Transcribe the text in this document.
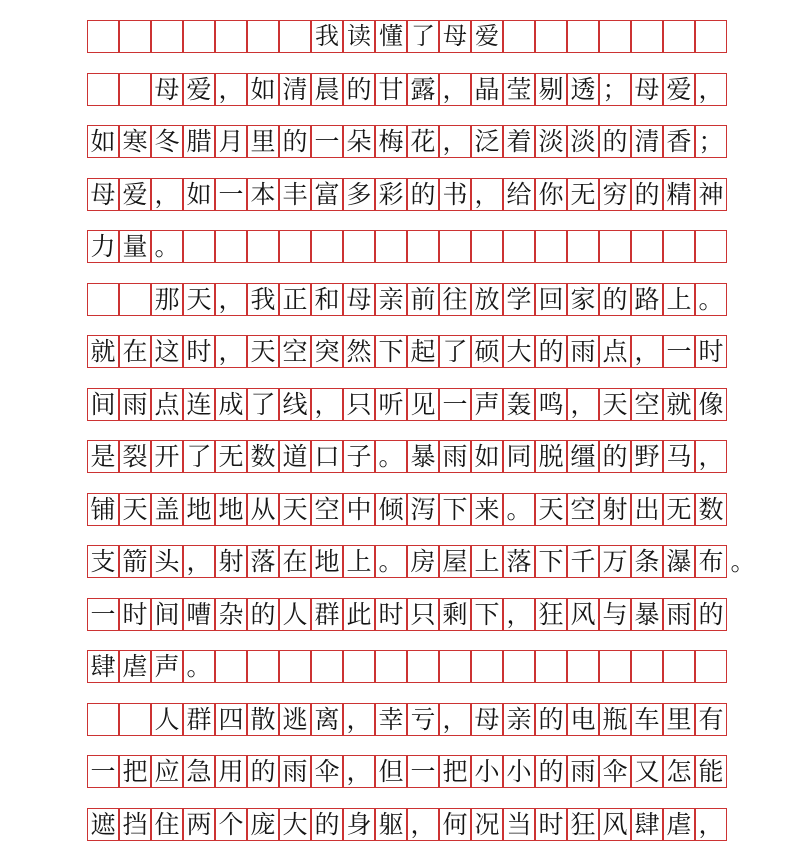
我 读 懂 了 母 爱
母 爱 ， 如 清 晨 的 甘 露 ， 晶 莹 剔 透 ； 母 爱 ，
如 寒 冬 腊 月 里 的 一 朵 梅 花 ， 泛 着 淡 淡 的 清 香 ；
母 爱 ， 如 一 本 丰 富 多 彩 的 书 ， 给 你 无 穷 的 精 神
力 量 。
那 天 ， 我 正 和 母 亲 前 往 放 学 回 家 的 路 上 。
就 在 这 时 ， 天 空 突 然 下 起 了 硕 大 的 雨 点 ， 一 时
间 雨 点 连 成 了 线 ， 只 听 见 一 声 轰 鸣 ， 天 空 就 像
是 裂 开 了 无 数 道 口 子 。 暴 雨 如 同 脱 缰 的 野 马 ，
铺 天 盖 地 地 从 天 空 中 倾 泻 下 来 。 天 空 射 出 无 数
支 箭 头 ， 射 落 在 地 上 。 房 屋 上 落 下 千 万 条 瀑 布 。
一 时 间 嘈 杂 的 人 群 此 时 只 剩 下 ， 狂 风 与 暴 雨 的
肆 虐 声 。
人 群 四 散 逃 离 ， 幸 亏 ， 母 亲 的 电 瓶 车 里 有
一 把 应 急 用 的 雨 伞 ， 但 一 把 小 小 的 雨 伞 又 怎 能
遮 挡 住 两 个 庞 大 的 身 躯 ， 何 况 当 时 狂 风 肆 虐 ，
